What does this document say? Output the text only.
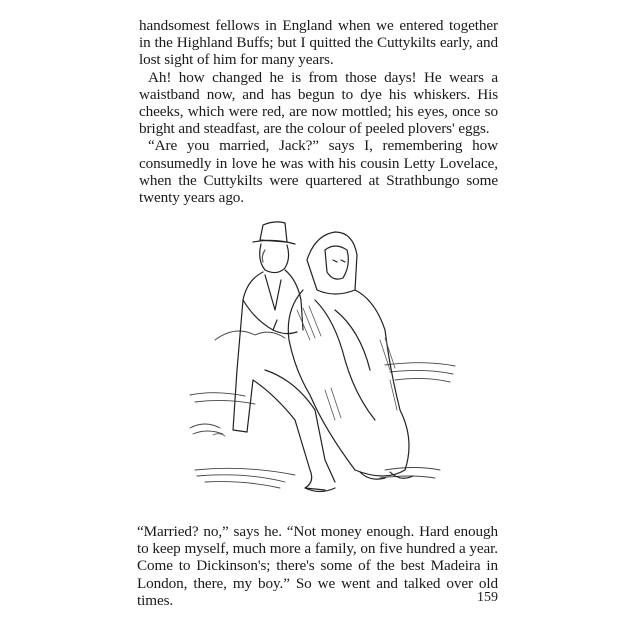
handsomest fellows in England when we entered together in the Highland Buffs; but I quitted the Cuttykilts early, and lost sight of him for many years.

Ah! how changed he is from those days! He wears a waistband now, and has begun to dye his whiskers. His cheeks, which were red, are now mottled; his eyes, once so bright and steadfast, are the colour of peeled plovers' eggs.

“Are you married, Jack?” says I, remembering how consumedly in love he was with his cousin Letty Lovelace, when the Cuttykilts were quartered at Strathbungo some twenty years ago.

“Married? no,” says he. “Not money enough. Hard enough to keep myself, much more a family, on five hundred a year. Come to Dickinson's; there's some of the best Madeira in London, there, my boy.” So we went and talked over old times.	159
